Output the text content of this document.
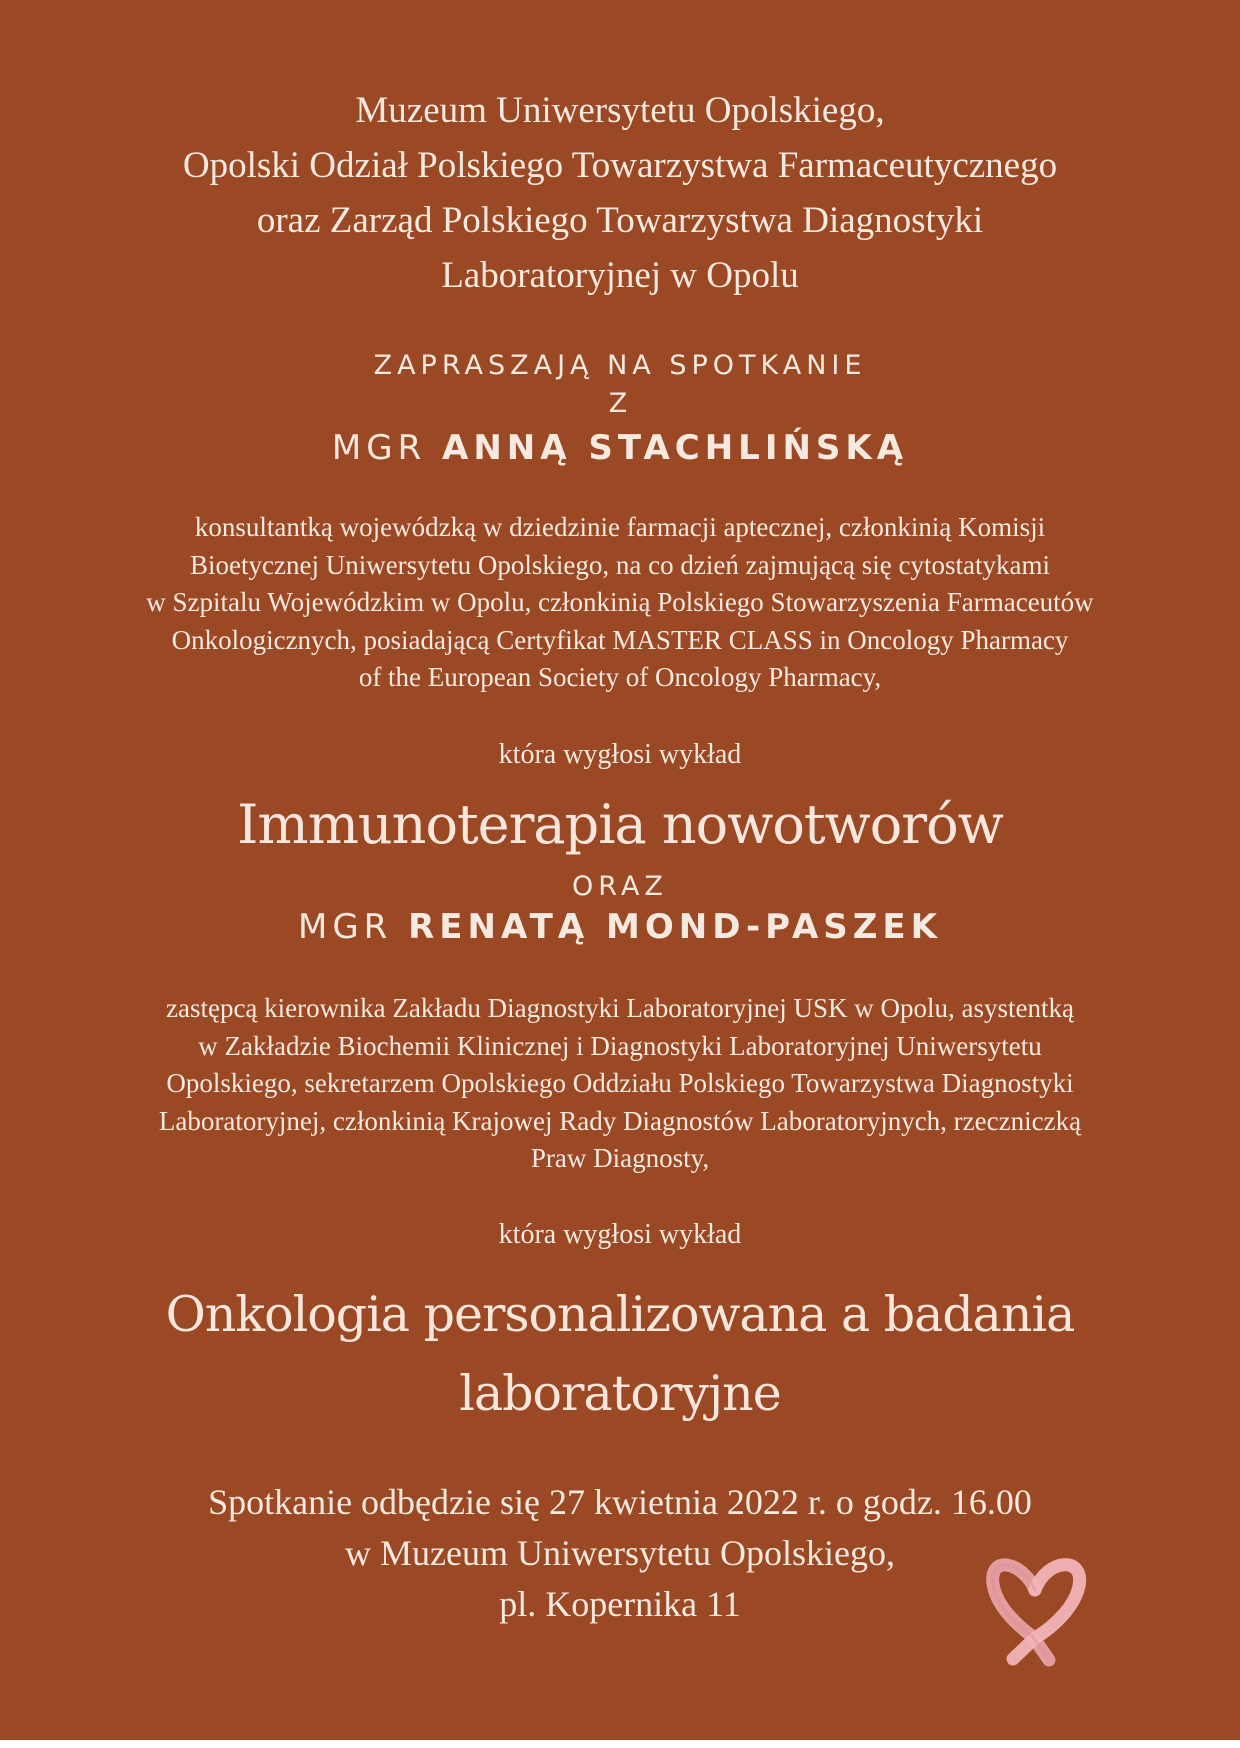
Muzeum Uniwersytetu Opolskiego,
Opolski Odział Polskiego Towarzystwa Farmaceutycznego
oraz Zarząd Polskiego Towarzystwa Diagnostyki
Laboratoryjnej w Opolu
ZAPRASZAJĄ NA SPOTKANIE
Z
MGR ANNĄ STACHLIŃSKĄ
konsultantką wojewódzką w dziedzinie farmacji aptecznej, członkinią Komisji
Bioetycznej Uniwersytetu Opolskiego, na co dzień zajmującą się cytostatykami
w Szpitalu Wojewódzkim w Opolu, członkinią Polskiego Stowarzyszenia Farmaceutów
Onkologicznych, posiadającą Certyfikat MASTER CLASS in Oncology Pharmacy
of the European Society of Oncology Pharmacy,
która wygłosi wykład
Immunoterapia nowotworów
ORAZ
MGR RENATĄ MOND-PASZEK
zastępcą kierownika Zakładu Diagnostyki Laboratoryjnej USK w Opolu, asystentką
w Zakładzie Biochemii Klinicznej i Diagnostyki Laboratoryjnej Uniwersytetu
Opolskiego, sekretarzem Opolskiego Oddziału Polskiego Towarzystwa Diagnostyki
Laboratoryjnej, członkinią Krajowej Rady Diagnostów Laboratoryjnych, rzeczniczką
Praw Diagnosty,
która wygłosi wykład
Onkologia personalizowana a badania
laboratoryjne
Spotkanie odbędzie się 27 kwietnia 2022 r. o godz. 16.00
w Muzeum Uniwersytetu Opolskiego,
pl. Kopernika 11
